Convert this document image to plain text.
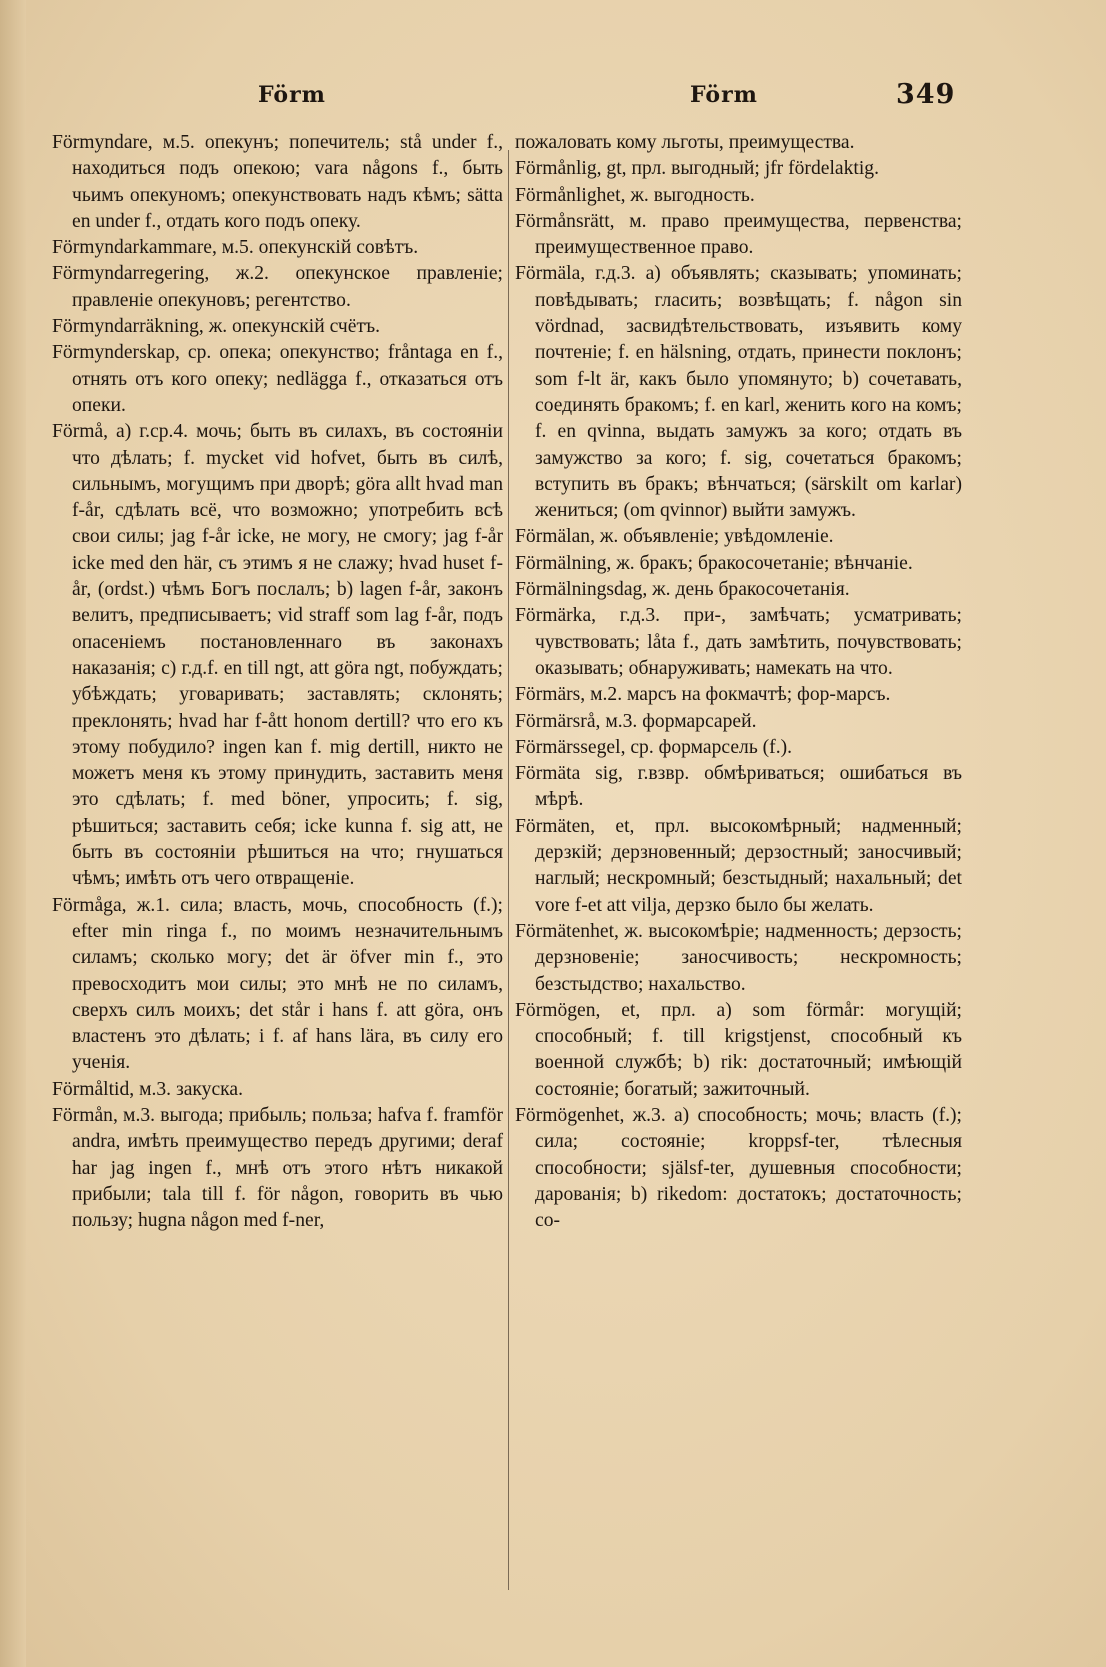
Förm	Förm	349

Förmyndare, м.5. опекунъ; попечитель; stå under f., находиться подъ опекою; vara någons f., быть чьимъ опекуномъ; опекунствовать надъ кѣмъ; sätta en under f., отдать кого подъ опеку.

Förmyndarkammare, м.5. опекунскій совѣтъ.

Förmyndarregering, ж.2. опекунское правленіе; правленіе опекуновъ; регентство.

Förmyndarräkning, ж. опекунскій счётъ.

Förmynderskap, ср. опека; опекунство; fråntaga en f., отнять отъ кого опеку; nedlägga f., отказаться отъ опеки.

Förmå, a) г.ср.4. мочь; быть въ силахъ, въ состояніи что дѣлать; f. mycket vid hofvet, быть въ силѣ, сильнымъ, могущимъ при дворѣ; göra allt hvad man f-år, сдѣлать всё, что возможно; употребить всѣ свои силы; jag f-år icke, не могу, не смогу; jag f-år icke med den här, съ этимъ я не слажу; hvad huset f-år, (ordst.) чѣмъ Богъ послалъ; b) lagen f-år, законъ велитъ, предписываетъ; vid straff som lag f-år, подъ опасеніемъ постановленнаго въ законахъ наказанія; c) г.д.f. en till ngt, att göra ngt, побуждать; убѣждать; уговаривать; заставлять; склонять; преклонять; hvad har f-ått honom dertill? что его къ этому побудило? ingen kan f. mig dertill, никто не можетъ меня къ этому принудить, заставить меня это сдѣлать; f. med böner, упросить; f. sig, рѣшиться; заставить себя; icke kunna f. sig att, не быть въ состояніи рѣшиться на что; гнушаться чѣмъ; имѣть отъ чего отвращеніе.

Förmåga, ж.1. сила; власть, мочь, способность (f.); efter min ringa f., по моимъ незначительнымъ силамъ; сколько могу; det är öfver min f., это превосходитъ мои силы; это мнѣ не по силамъ, сверхъ силъ моихъ; det står i hans f. att göra, онъ властенъ это дѣлать; i f. af hans lära, въ силу его ученія.

Förmåltid, м.3. закуска.

Förmån, м.3. выгода; прибыль; польза; hafva f. framför andra, имѣть преимущество передъ другими; deraf har jag ingen f., мнѣ отъ этого нѣтъ никакой прибыли; tala till f. för någon, говорить въ чью пользу; hugna någon med f-ner,

пожаловать кому льготы, преимущества.

Förmånlig, gt, прл. выгодный; jfr fördelaktig.

Förmånlighet, ж. выгодность.

Förmånsrätt, м. право преимущества, первенства; преимущественное право.

Förmäla, г.д.3. a) объявлять; сказывать; упоминать; повѣдывать; гласить; возвѣщать; f. någon sin vördnad, засвидѣтельствовать, изъявить кому почтеніе; f. en hälsning, отдать, принести поклонъ; som f-lt är, какъ было упомянуто; b) сочетавать, соединять бракомъ; f. en karl, женить кого на комъ; f. en qvinna, выдать замужъ за кого; отдать въ замужство за кого; f. sig, сочетаться бракомъ; вступить въ бракъ; вѣнчаться; (särskilt om karlar) жениться; (om qvinnor) выйти замужъ.

Förmälan, ж. объявленіе; увѣдомленіе.

Förmälning, ж. бракъ; бракосочетаніе; вѣнчаніе.

Förmälningsdag, ж. день бракосочетанія.

Förmärka, г.д.3. при-, замѣчать; усматривать; чувствовать; låta f., дать замѣтить, почувствовать; оказывать; обнаруживать; намекать на что.

Förmärs, м.2. марсъ на фокмачтѣ; фор-марсъ.

Förmärsrå, м.3. формарсарей.

Förmärssegel, ср. формарсель (f.).

Förmäta sig, г.взвр. обмѣриваться; ошибаться въ мѣрѣ.

Förmäten, et, прл. высокомѣрный; надменный; дерзкій; дерзновенный; дерзостный; заносчивый; наглый; нескромный; безстыдный; нахальный; det vore f-et att vilja, дерзко было бы желать.

Förmätenhet, ж. высокомѣріе; надменность; дерзость; дерзновеніе; заносчивость; нескромность; безстыдство; нахальство.

Förmögen, et, прл. a) som förmår: могущій; способный; f. till krigstjenst, способный къ военной службѣ; b) rik: достаточный; имѣющій состояніе; богатый; зажиточный.

Förmögenhet, ж.3. a) способность; мочь; власть (f.); сила; состояніе; kroppsf-ter, тѣлесныя способности; själsf-ter, душевныя способности; дарованія; b) rikedom: достатокъ; достаточность; со-
